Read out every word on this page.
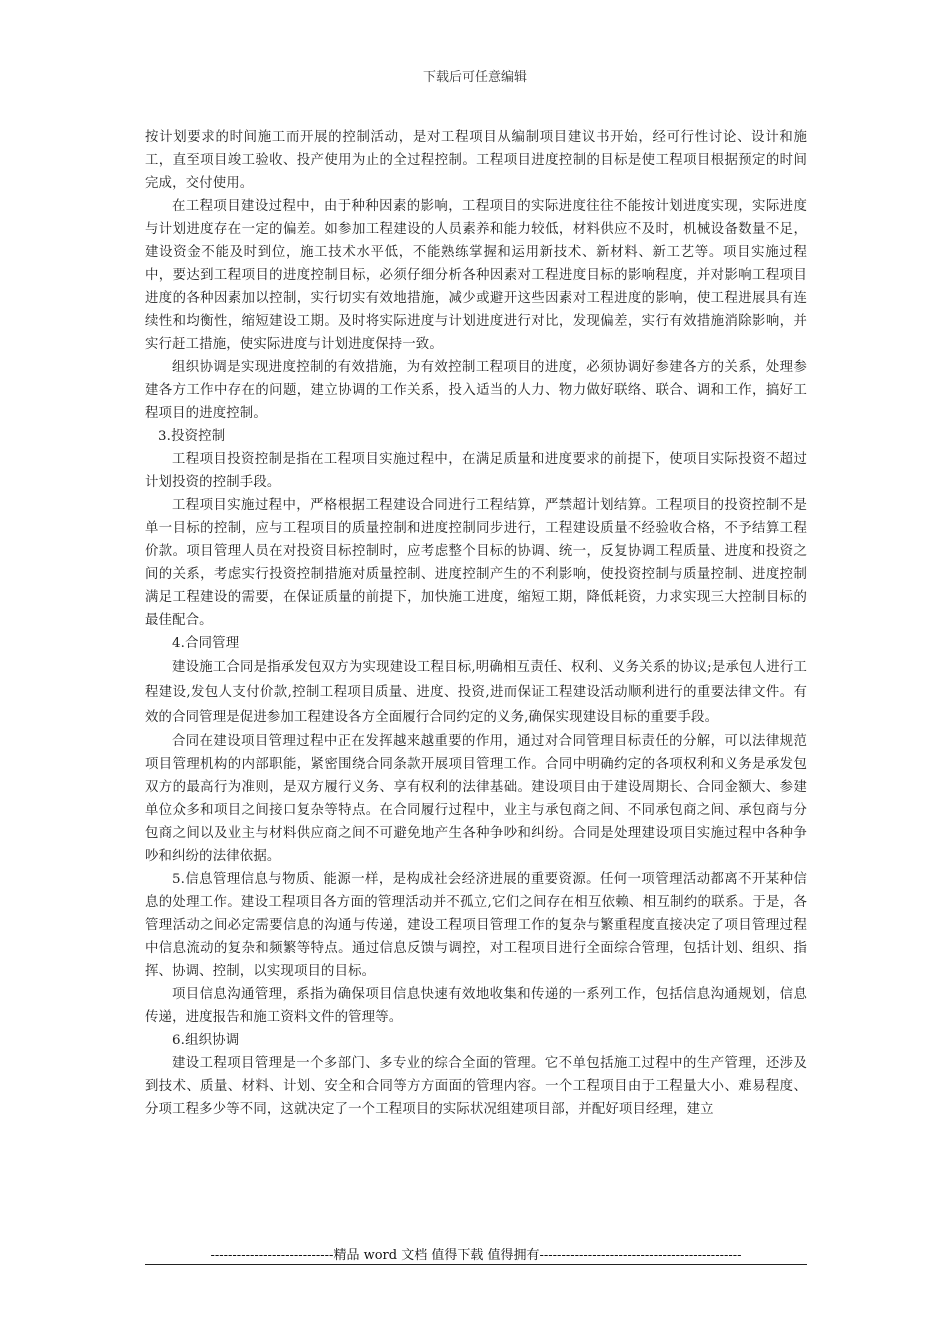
下载后可任意编辑

按计划要求的时间施工而开展的控制活动，是对工程项目从编制项目建议书开始，经可行性讨论、设计和施工，直至项目竣工验收、投产使用为止的全过程控制。工程项目进度控制的目标是使工程项目根据预定的时间完成，交付使用。

在工程项目建设过程中，由于种种因素的影响，工程项目的实际进度往往不能按计划进度实现，实际进度与计划进度存在一定的偏差。如参加工程建设的人员素养和能力较低，材料供应不及时，机械设备数量不足，建设资金不能及时到位，施工技术水平低，不能熟练掌握和运用新技术、新材料、新工艺等。项目实施过程中，要达到工程项目的进度控制目标，必须仔细分析各种因素对工程进度目标的影响程度，并对影响工程项目进度的各种因素加以控制，实行切实有效地措施，减少或避开这些因素对工程进度的影响，使工程进展具有连续性和均衡性，缩短建设工期。及时将实际进度与计划进度进行对比，发现偏差，实行有效措施消除影响，并实行赶工措施，使实际进度与计划进度保持一致。

组织协调是实现进度控制的有效措施，为有效控制工程项目的进度，必须协调好参建各方的关系，处理参建各方工作中存在的问题，建立协调的工作关系，投入适当的人力、物力做好联络、联合、调和工作，搞好工程项目的进度控制。

3.投资控制

工程项目投资控制是指在工程项目实施过程中，在满足质量和进度要求的前提下，使项目实际投资不超过计划投资的控制手段。

工程项目实施过程中，严格根据工程建设合同进行工程结算，严禁超计划结算。工程项目的投资控制不是单一目标的控制，应与工程项目的质量控制和进度控制同步进行，工程建设质量不经验收合格，不予结算工程价款。项目管理人员在对投资目标控制时，应考虑整个目标的协调、统一，反复协调工程质量、进度和投资之间的关系，考虑实行投资控制措施对质量控制、进度控制产生的不利影响，使投资控制与质量控制、进度控制满足工程建设的需要，在保证质量的前提下，加快施工进度，缩短工期，降低耗资，力求实现三大控制目标的最佳配合。

4.合同管理

建设施工合同是指承发包双方为实现建设工程目标,明确相互责任、权利、义务关系的协议;是承包人进行工程建设,发包人支付价款,控制工程项目质量、进度、投资,进而保证工程建设活动顺利进行的重要法律文件。有效的合同管理是促进参加工程建设各方全面履行合同约定的义务,确保实现建设目标的重要手段。

合同在建设项目管理过程中正在发挥越来越重要的作用，通过对合同管理目标责任的分解，可以法律规范项目管理机构的内部职能，紧密围绕合同条款开展项目管理工作。合同中明确约定的各项权利和义务是承发包双方的最高行为准则，是双方履行义务、享有权利的法律基础。建设项目由于建设周期长、合同金额大、参建单位众多和项目之间接口复杂等特点。在合同履行过程中，业主与承包商之间、不同承包商之间、承包商与分包商之间以及业主与材料供应商之间不可避免地产生各种争吵和纠纷。合同是处理建设项目实施过程中各种争吵和纠纷的法律依据。

5.信息管理信息与物质、能源一样，是构成社会经济进展的重要资源。任何一项管理活动都离不开某种信息的处理工作。建设工程项目各方面的管理活动并不孤立,它们之间存在相互依赖、相互制约的联系。于是，各管理活动之间必定需要信息的沟通与传递，建设工程项目管理工作的复杂与繁重程度直接决定了项目管理过程中信息流动的复杂和频繁等特点。通过信息反馈与调控，对工程项目进行全面综合管理，包括计划、组织、指挥、协调、控制，以实现项目的目标。

项目信息沟通管理，系指为确保项目信息快速有效地收集和传递的一系列工作，包括信息沟通规划，信息传递，进度报告和施工资料文件的管理等。

6.组织协调

建设工程项目管理是一个多部门、多专业的综合全面的管理。它不单包括施工过程中的生产管理，还涉及到技术、质量、材料、计划、安全和合同等方方面面的管理内容。一个工程项目由于工程量大小、难易程度、分项工程多少等不同，这就决定了一个工程项目的实际状况组建项目部，并配好项目经理，建立

----------------------------精品 word 文档 值得下载 值得拥有----------------------------------------------
